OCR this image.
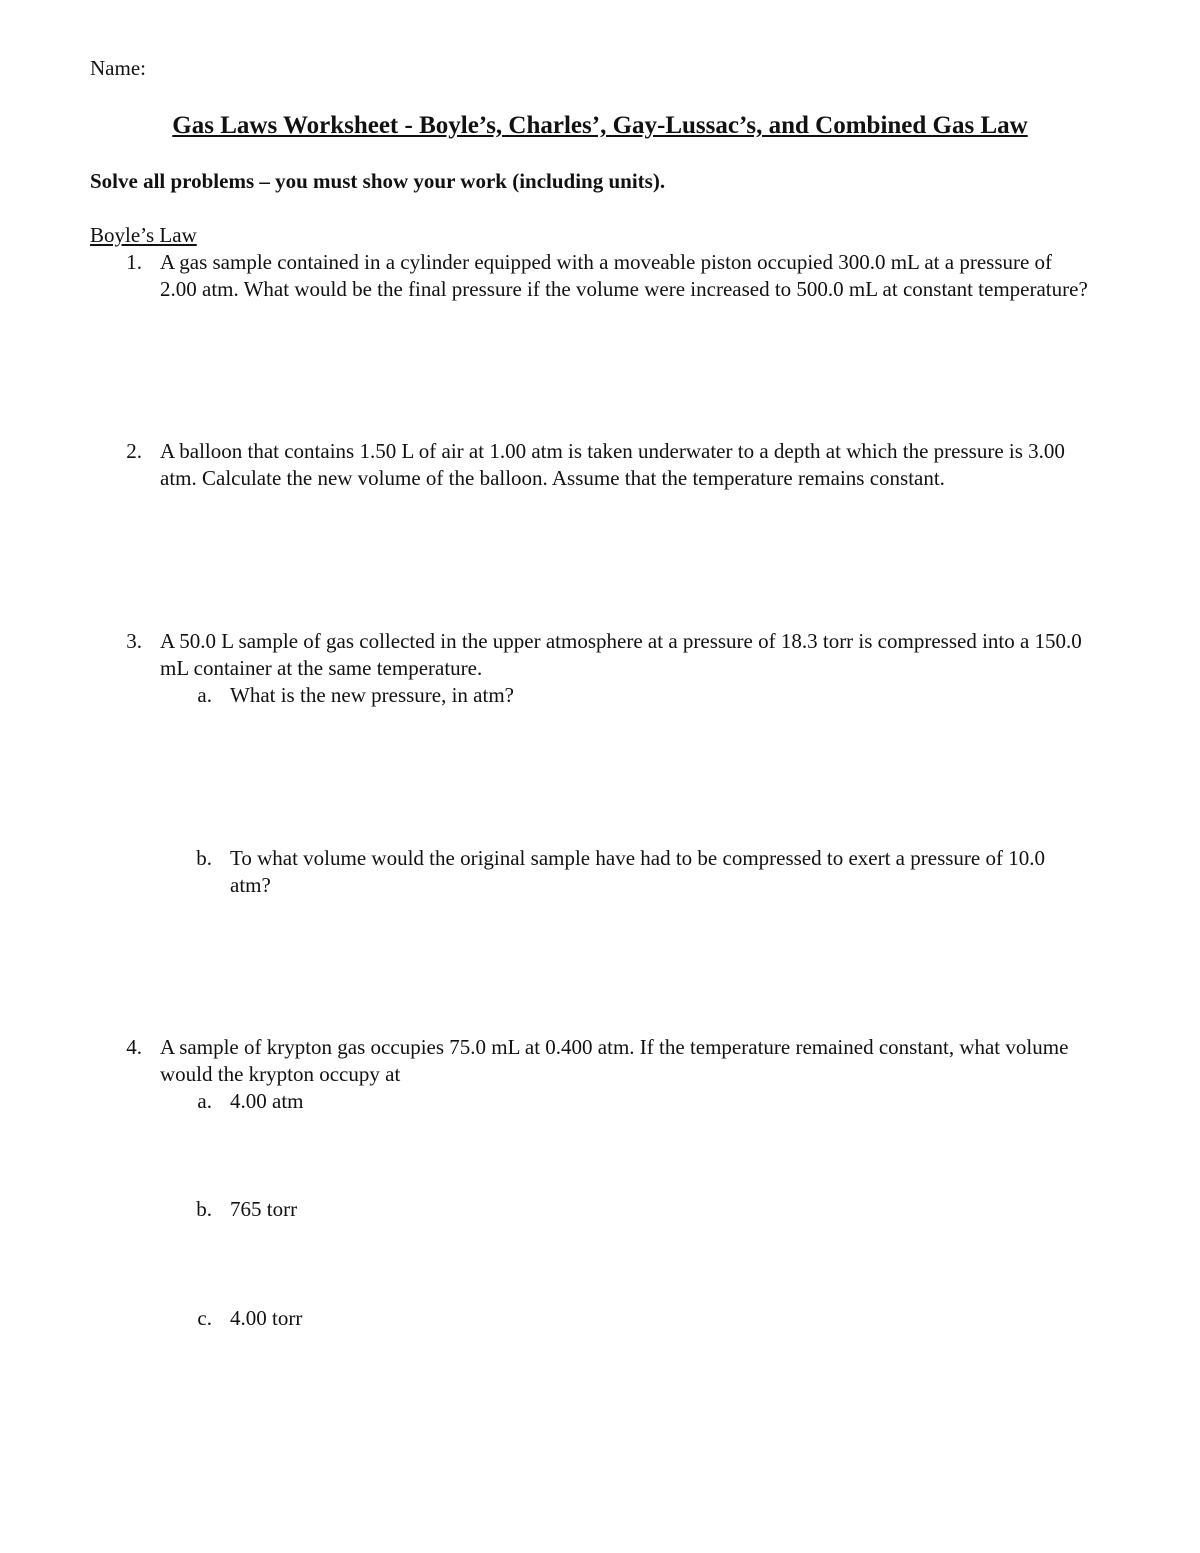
Name:
Gas Laws Worksheet - Boyle’s, Charles’, Gay-Lussac’s, and Combined Gas Law
Solve all problems – you must show your work (including units).
Boyle’s Law
1. A gas sample contained in a cylinder equipped with a moveable piston occupied 300.0 mL at a pressure of 2.00 atm. What would be the final pressure if the volume were increased to 500.0 mL at constant temperature?
2. A balloon that contains 1.50 L of air at 1.00 atm is taken underwater to a depth at which the pressure is 3.00 atm. Calculate the new volume of the balloon. Assume that the temperature remains constant.
3. A 50.0 L sample of gas collected in the upper atmosphere at a pressure of 18.3 torr is compressed into a 150.0 mL container at the same temperature.
a. What is the new pressure, in atm?
b. To what volume would the original sample have had to be compressed to exert a pressure of 10.0 atm?
4. A sample of krypton gas occupies 75.0 mL at 0.400 atm. If the temperature remained constant, what volume would the krypton occupy at
a. 4.00 atm
b. 765 torr
c. 4.00 torr
